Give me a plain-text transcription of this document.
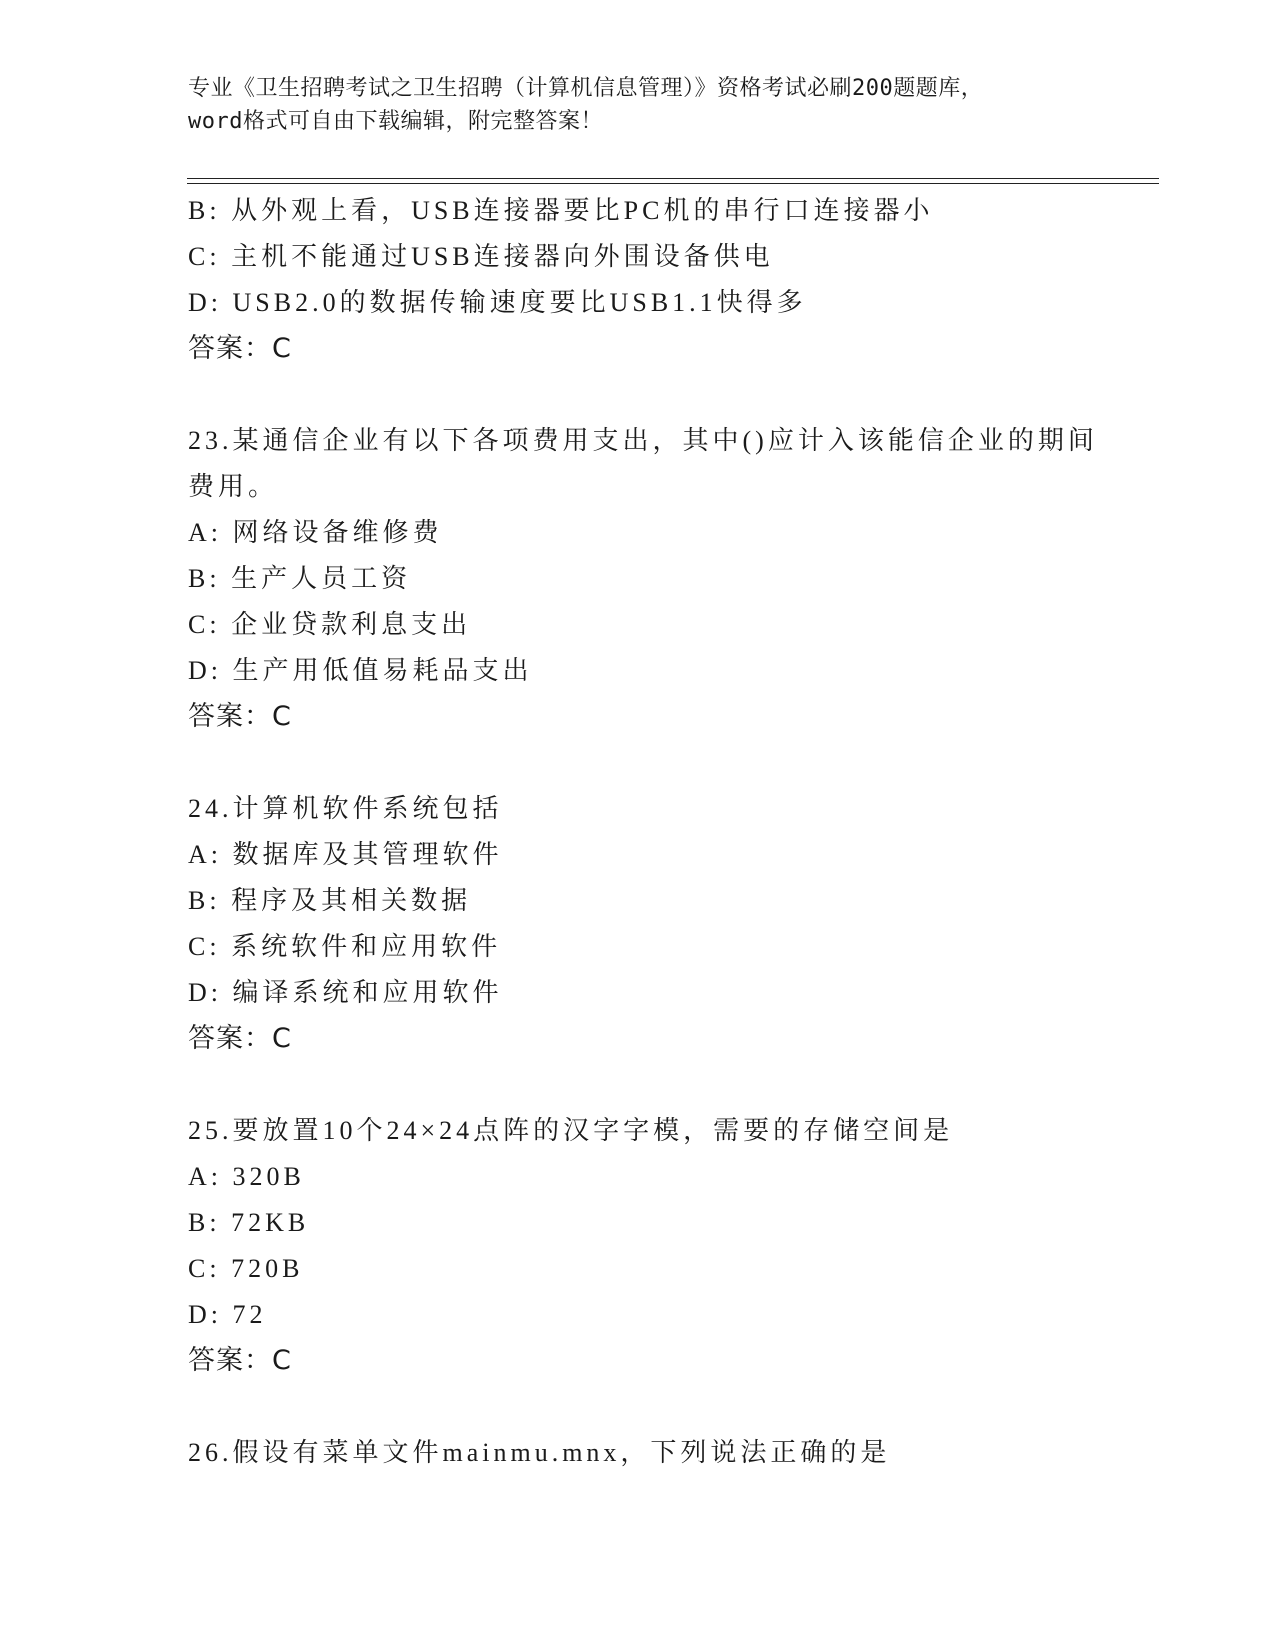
专业《卫生招聘考试之卫生招聘（计算机信息管理）》资格考试必刷200题题库，
word格式可自由下载编辑，附完整答案！
B: 从外观上看，USB连接器要比PC机的串行口连接器小
C: 主机不能通过USB连接器向外围设备供电
D: USB2.0的数据传输速度要比USB1.1快得多
答案：C
23.某通信企业有以下各项费用支出，其中()应计入该能信企业的期间
费用。
A: 网络设备维修费
B: 生产人员工资
C: 企业贷款利息支出
D: 生产用低值易耗品支出
答案：C
24.计算机软件系统包括
A: 数据库及其管理软件
B: 程序及其相关数据
C: 系统软件和应用软件
D: 编译系统和应用软件
答案：C
25.要放置10个24×24点阵的汉字字模，需要的存储空间是
A: 320B
B: 72KB
C: 720B
D: 72
答案：C
26.假设有菜单文件mainmu.mnx，下列说法正确的是
